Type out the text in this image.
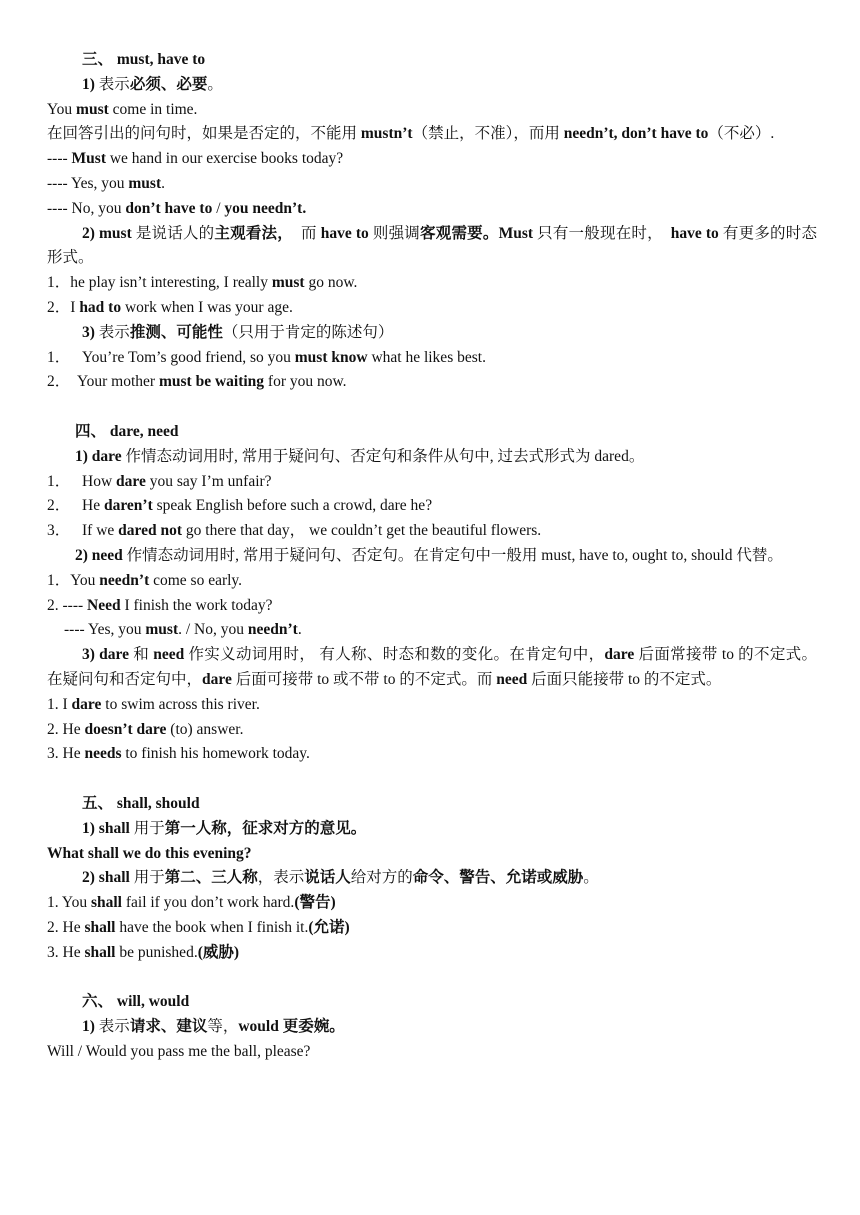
三、 must, have to
1) 表示必须、必要。
You must come in time.
在回答引出的问句时，如果是否定的，不能用 mustn’t（禁止，不准），而用 needn’t, don’t have to（不必）.
---- Must we hand in our exercise books today?
---- Yes, you must.
---- No, you don’t have to / you needn’t.
2) must 是说话人的主观看法，　而 have to 则强调客观需要。Must 只有一般现在时，　have to 有更多的时态形式。
1．he play isn’t interesting, I really must go now.
2．I had to work when I was your age.
3) 表示推测、可能性（只用于肯定的陈述句）
1． You’re Tom’s good friend, so you must know what he likes best.
2． Your mother must be waiting for you now.
四、 dare, need
1) dare 作情态动词用时, 常用于疑问句、否定句和条件从句中, 过去式形式为 dared。
1． How dare you say I’m unfair?
2． He daren’t speak English before such a crowd, dare he?
3． If we dared not go there that day， we couldn’t get the beautiful flowers.
2) need 作情态动词用时, 常用于疑问句、否定句。在肯定句中一般用 must, have to, ought to, should 代替。
1．You needn’t come so early.
2. ---- Need I finish the work today?
---- Yes, you must. / No, you needn’t.
3) dare 和 need 作实义动词用时， 有人称、时态和数的变化。在肯定句中，dare 后面常接带 to 的不定式。在疑问句和否定句中，dare 后面可接带 to 或不带 to 的不定式。而 need 后面只能接带 to 的不定式。
1. I dare to swim across this river.
2. He doesn’t dare (to) answer.
3. He needs to finish his homework today.
五、 shall, should
1) shall 用于第一人称，征求对方的意见。
What shall we do this evening?
2) shall 用于第二、三人称，表示说话人给对方的命令、警告、允诺或威胁。
1. You shall fail if you don’t work hard.(警告)
2. He shall have the book when I finish it.(允诺)
3. He shall be punished.(威胁)
六、 will, would
1) 表示请求、建议等，would 更委婉。
Will / Would you pass me the ball, please?
